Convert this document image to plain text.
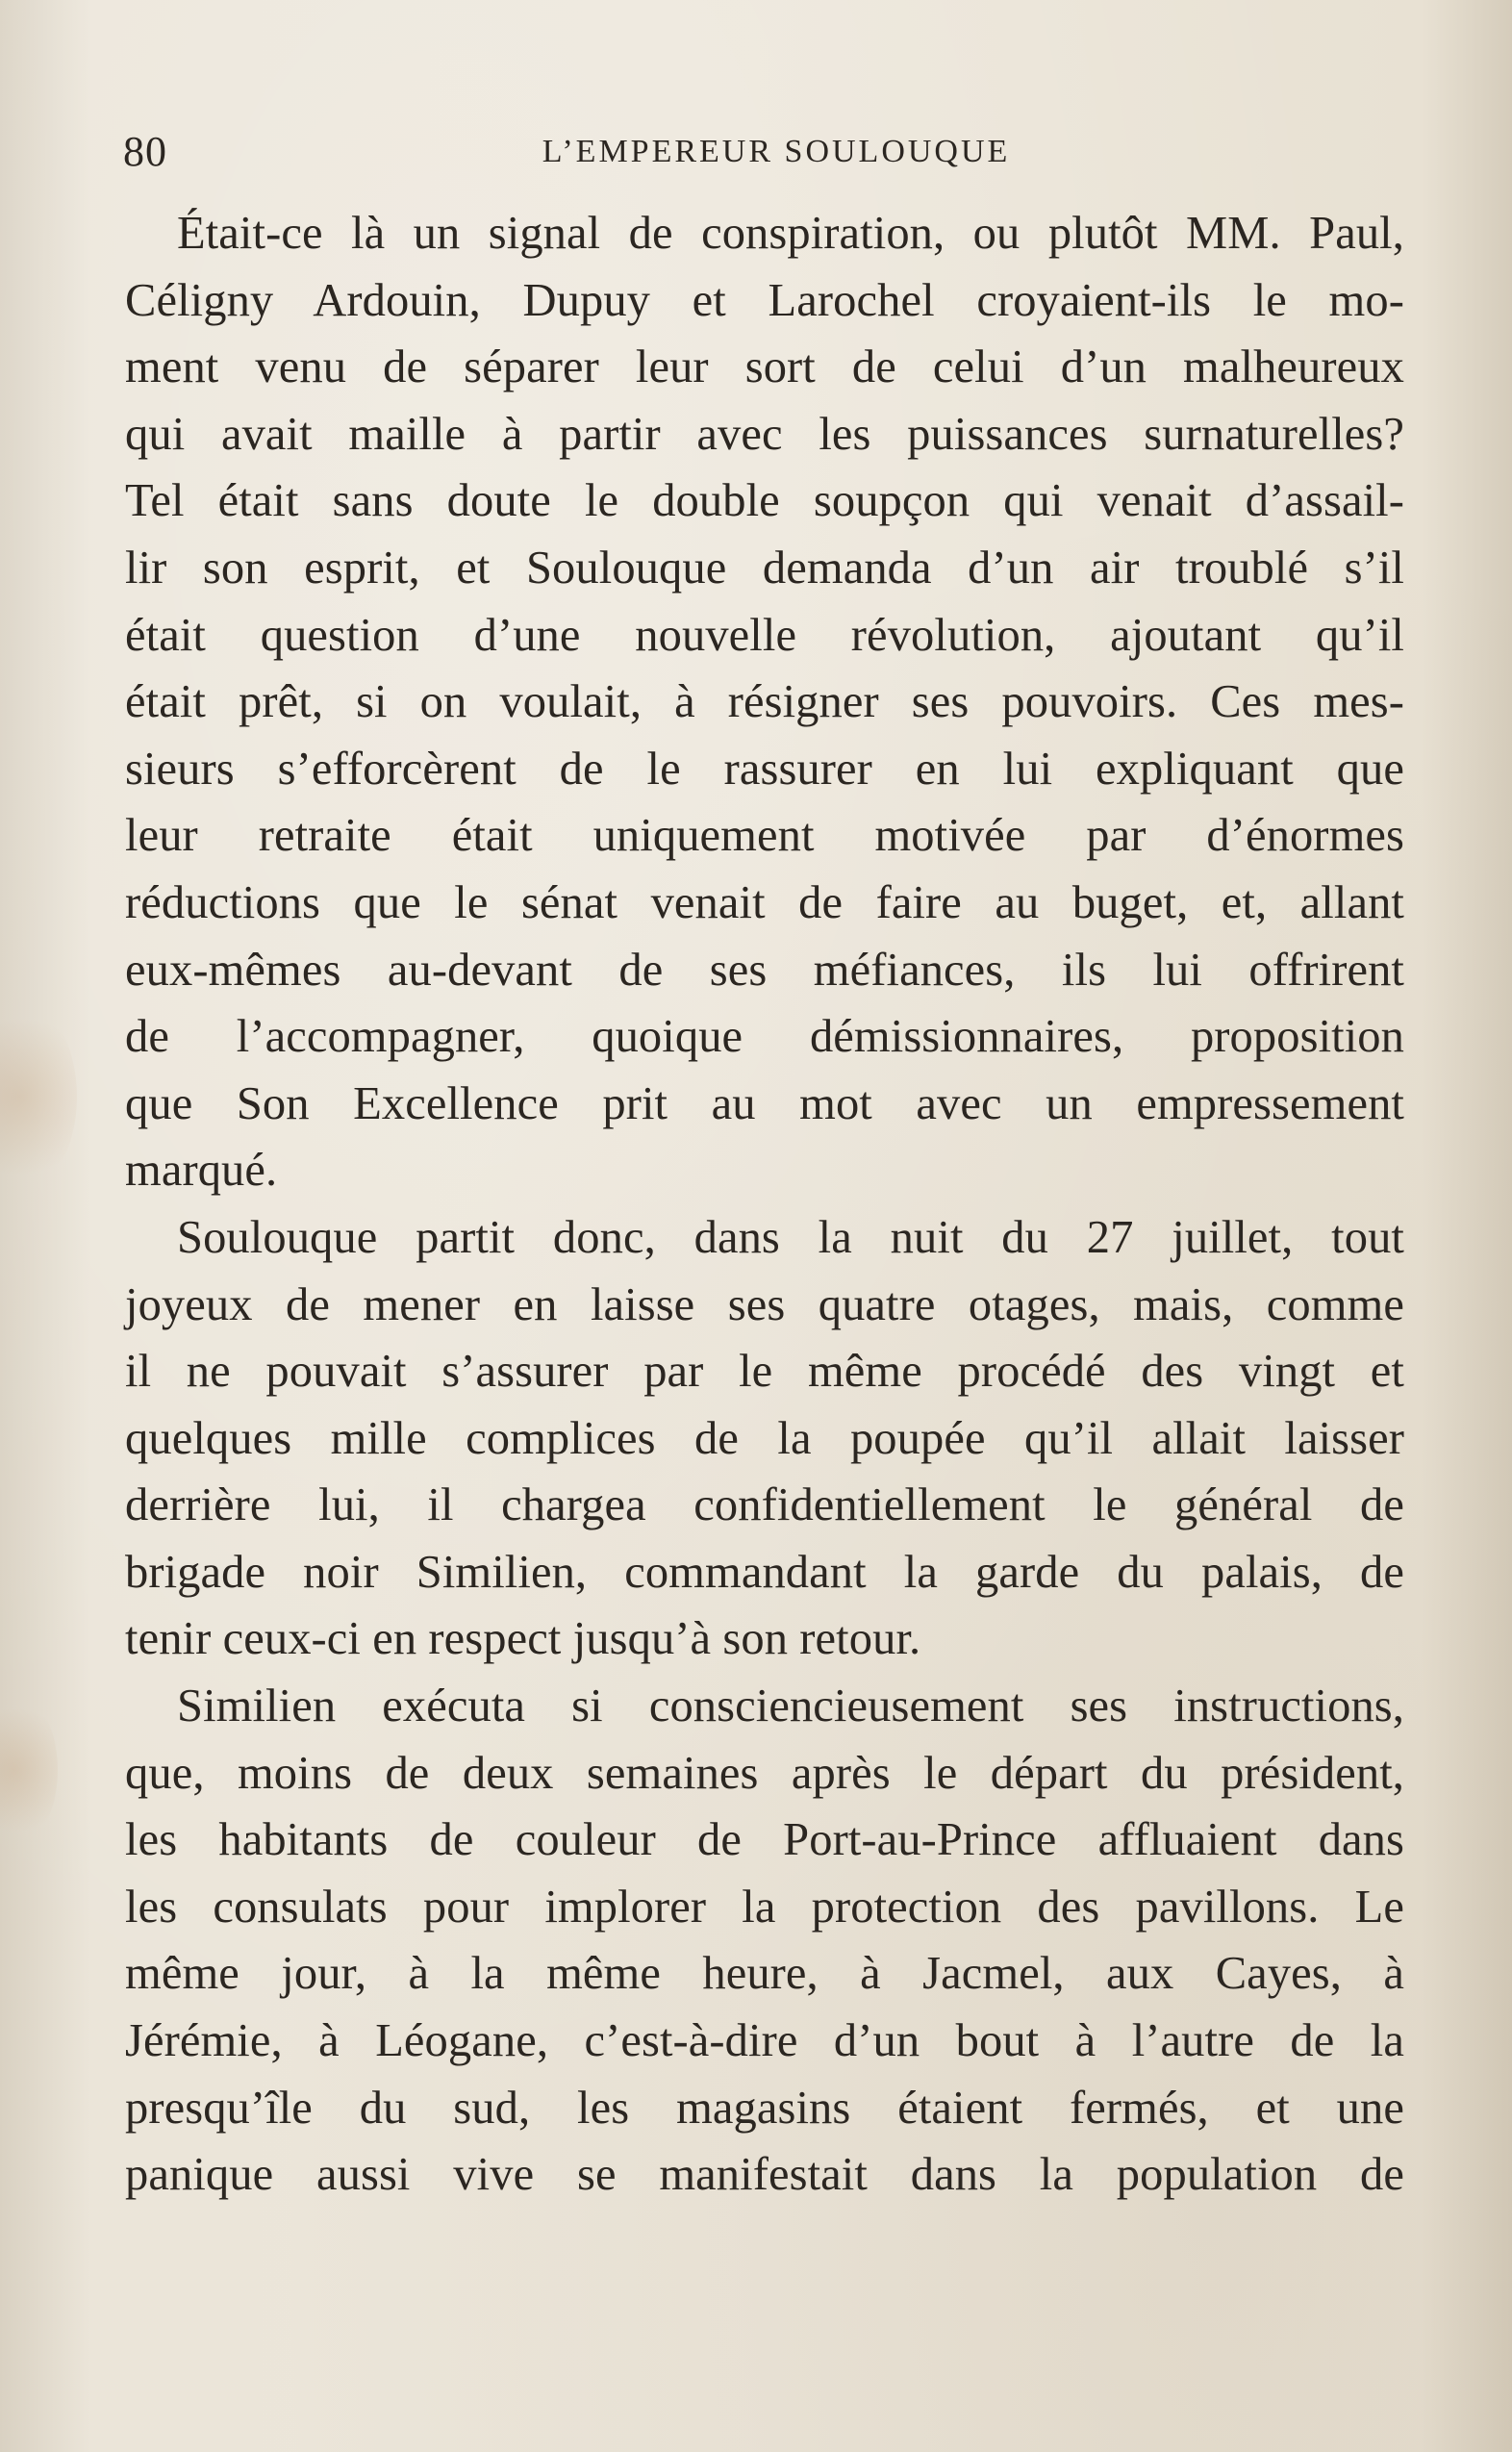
80	L’EMPEREUR SOULOUQUE

Était-ce là un signal de conspiration, ou plutôt MM. Paul,
Céligny Ardouin, Dupuy et Larochel croyaient-ils le mo-
ment venu de séparer leur sort de celui d’un malheureux
qui avait maille à partir avec les puissances surnaturelles?
Tel était sans doute le double soupçon qui venait d’assail-
lir son esprit, et Soulouque demanda d’un air troublé s’il
était question d’une nouvelle révolution, ajoutant qu’il
était prêt, si on voulait, à résigner ses pouvoirs. Ces mes-
sieurs s’efforcèrent de le rassurer en lui expliquant que
leur retraite était uniquement motivée par d’énormes
réductions que le sénat venait de faire au buget, et, allant
eux-mêmes au-devant de ses méfiances, ils lui offrirent
de l’accompagner, quoique démissionnaires, proposition
que Son Excellence prit au mot avec un empressement
marqué.

Soulouque partit donc, dans la nuit du 27 juillet, tout
joyeux de mener en laisse ses quatre otages, mais, comme
il ne pouvait s’assurer par le même procédé des vingt et
quelques mille complices de la poupée qu’il allait laisser
derrière lui, il chargea confidentiellement le général de
brigade noir Similien, commandant la garde du palais, de
tenir ceux-ci en respect jusqu’à son retour.

Similien exécuta si consciencieusement ses instructions,
que, moins de deux semaines après le départ du président,
les habitants de couleur de Port-au-Prince affluaient dans
les consulats pour implorer la protection des pavillons. Le
même jour, à la même heure, à Jacmel, aux Cayes, à
Jérémie, à Léogane, c’est-à-dire d’un bout à l’autre de la
presqu’île du sud, les magasins étaient fermés, et une
panique aussi vive se manifestait dans la population de
